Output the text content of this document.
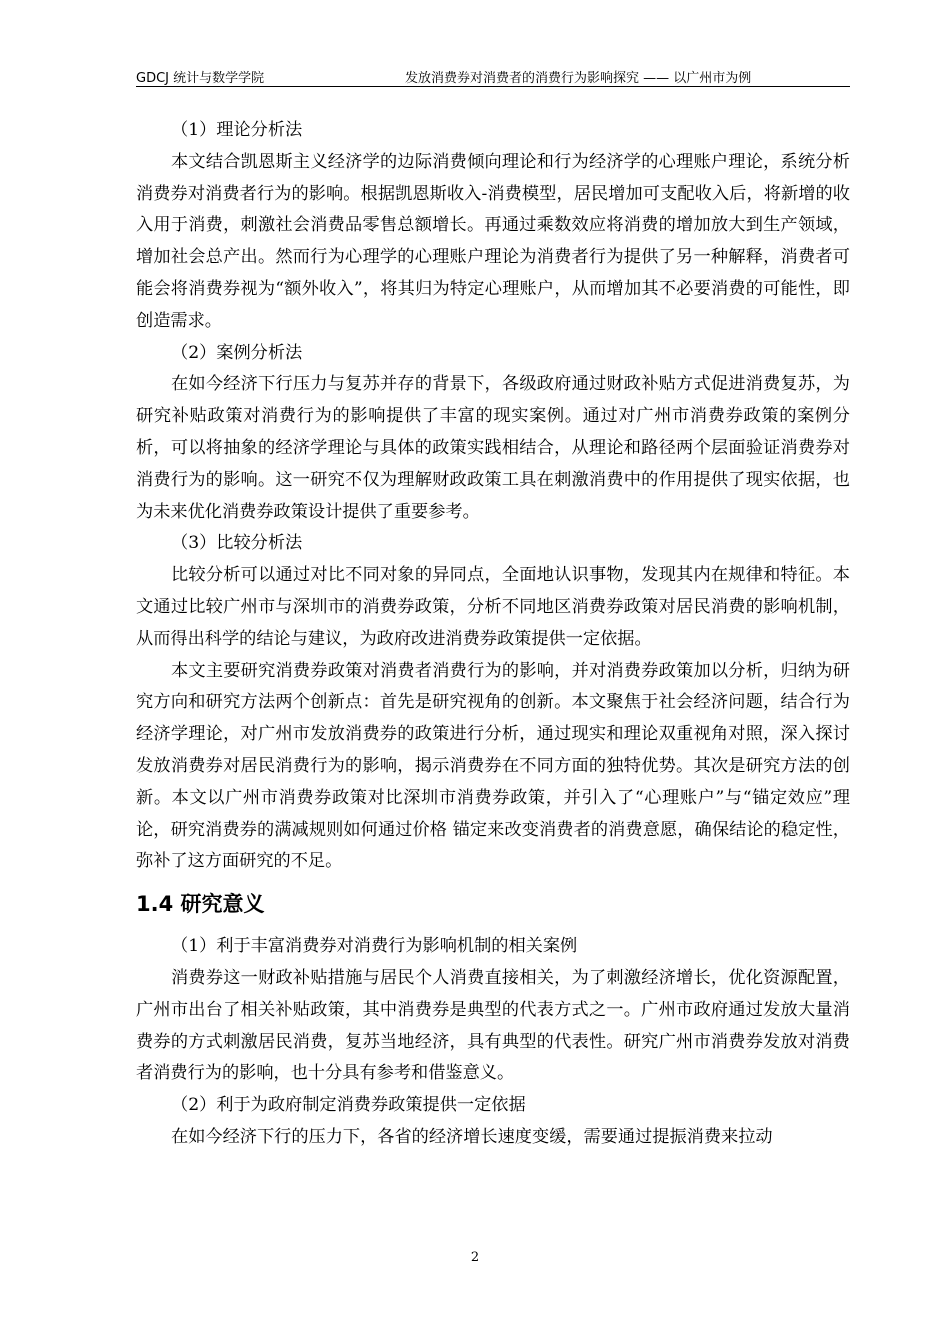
GDCJ 统计与数学学院	发放消费券对消费者的消费行为影响探究 —— 以广州市为例

（1）理论分析法

本文结合凯恩斯主义经济学的边际消费倾向理论和行为经济学的心理账户理论，系统分析消费券对消费者行为的影响。根据凯恩斯收入-消费模型，居民增加可支配收入后，将新增的收入用于消费，刺激社会消费品零售总额增长。再通过乘数效应将消费的增加放大到生产领域，增加社会总产出。然而行为心理学的心理账户理论为消费者行为提供了另一种解释，消费者可能会将消费券视为“额外收入”，将其归为特定心理账户，从而增加其不必要消费的可能性，即创造需求。

（2）案例分析法

在如今经济下行压力与复苏并存的背景下，各级政府通过财政补贴方式促进消费复苏，为研究补贴政策对消费行为的影响提供了丰富的现实案例。通过对广州市消费券政策的案例分析，可以将抽象的经济学理论与具体的政策实践相结合，从理论和路径两个层面验证消费券对消费行为的影响。这一研究不仅为理解财政政策工具在刺激消费中的作用提供了现实依据，也为未来优化消费券政策设计提供了重要参考。

（3）比较分析法

比较分析可以通过对比不同对象的异同点，全面地认识事物，发现其内在规律和特征。本文通过比较广州市与深圳市的消费券政策，分析不同地区消费券政策对居民消费的影响机制，从而得出科学的结论与建议，为政府改进消费券政策提供一定依据。

本文主要研究消费券政策对消费者消费行为的影响，并对消费券政策加以分析，归纳为研究方向和研究方法两个创新点：首先是研究视角的创新。本文聚焦于社会经济问题，结合行为经济学理论，对广州市发放消费券的政策进行分析，通过现实和理论双重视角对照，深入探讨发放消费券对居民消费行为的影响，揭示消费券在不同方面的独特优势。其次是研究方法的创新。本文以广州市消费券政策对比深圳市消费券政策，并引入了“心理账户”与“锚定效应”理论，研究消费券的满减规则如何通过价格 锚定来改变消费者的消费意愿，确保结论的稳定性，弥补了这方面研究的不足。

1.4 研究意义

（1）利于丰富消费券对消费行为影响机制的相关案例

消费券这一财政补贴措施与居民个人消费直接相关，为了刺激经济增长，优化资源配置，广州市出台了相关补贴政策，其中消费券是典型的代表方式之一。广州市政府通过发放大量消费券的方式刺激居民消费，复苏当地经济，具有典型的代表性。研究广州市消费券发放对消费者消费行为的影响，也十分具有参考和借鉴意义。

（2）利于为政府制定消费券政策提供一定依据

在如今经济下行的压力下，各省的经济增长速度变缓，需要通过提振消费来拉动

2
